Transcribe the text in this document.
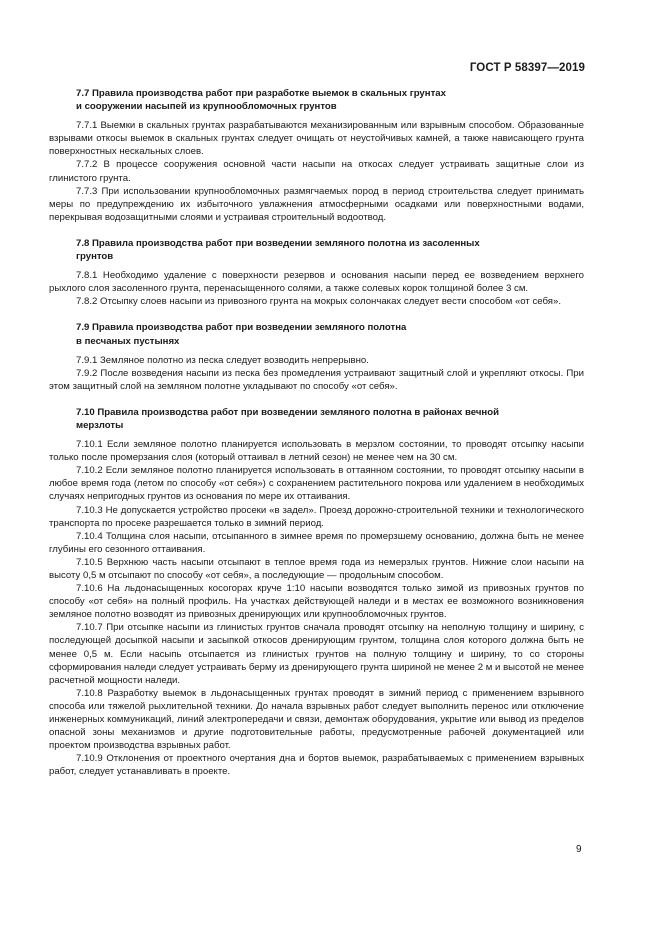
ГОСТ Р 58397—2019
7.7 Правила производства работ при разработке выемок в скальных грунтах
и сооружении насыпей из крупнообломочных грунтов

7.7.1 Выемки в скальных грунтах разрабатываются механизированным или взрывным способом. Образованные взрывами откосы выемок в скальных грунтах следует очищать от неустойчивых камней, а также нависающего грунта поверхностных нескальных слоев.

7.7.2 В процессе сооружения основной части насыпи на откосах следует устраивать защитные слои из глинистого грунта.

7.7.3 При использовании крупнообломочных размягчаемых пород в период строительства следует принимать меры по предупреждению их избыточного увлажнения атмосферными осадками или поверхностными водами, перекрывая водозащитными слоями и устраивая строительный водоотвод.

7.8 Правила производства работ при возведении земляного полотна из засоленных
грунтов

7.8.1 Необходимо удаление с поверхности резервов и основания насыпи перед ее возведением верхнего рыхлого слоя засоленного грунта, перенасыщенного солями, а также солевых корок толщиной более 3 см.

7.8.2 Отсыпку слоев насыпи из привозного грунта на мокрых солончаках следует вести способом «от себя».

7.9 Правила производства работ при возведении земляного полотна
в песчаных пустынях

7.9.1 Земляное полотно из песка следует возводить непрерывно.

7.9.2 После возведения насыпи из песка без промедления устраивают защитный слой и укрепляют откосы. При этом защитный слой на земляном полотне укладывают по способу «от себя».

7.10 Правила производства работ при возведении земляного полотна в районах вечной
мерзлоты

7.10.1 Если земляное полотно планируется использовать в мерзлом состоянии, то проводят отсыпку насыпи только после промерзания слоя (который оттаивал в летний сезон) не менее чем на 30 см.

7.10.2 Если земляное полотно планируется использовать в оттаянном состоянии, то проводят отсыпку насыпи в любое время года (летом по способу «от себя») с сохранением растительного покрова или удалением в необходимых случаях непригодных грунтов из основания по мере их оттаивания.

7.10.3 Не допускается устройство просеки «в задел». Проезд дорожно-строительной техники и технологического транспорта по просеке разрешается только в зимний период.

7.10.4 Толщина слоя насыпи, отсыпанного в зимнее время по промерзшему основанию, должна быть не менее глубины его сезонного оттаивания.

7.10.5 Верхнюю часть насыпи отсыпают в теплое время года из немерзлых грунтов. Нижние слои насыпи на высоту 0,5 м отсыпают по способу «от себя», а последующие — продольным способом.

7.10.6 На льдонасыщенных косогорах круче 1:10 насыпи возводятся только зимой из привозных грунтов по способу «от себя» на полный профиль. На участках действующей наледи и в местах ее возможного возникновения земляное полотно возводят из привозных дренирующих или крупнообломочных грунтов.

7.10.7 При отсыпке насыпи из глинистых грунтов сначала проводят отсыпку на неполную толщину и ширину, с последующей досыпкой насыпи и засыпкой откосов дренирующим грунтом, толщина слоя которого должна быть не менее 0,5 м. Если насыпь отсыпается из глинистых грунтов на полную толщину и ширину, то со стороны сформирования наледи следует устраивать берму из дренирующего грунта шириной не менее 2 м и высотой не менее расчетной мощности наледи.

7.10.8 Разработку выемок в льдонасыщенных грунтах проводят в зимний период с применением взрывного способа или тяжелой рыхлительной техники. До начала взрывных работ следует выполнить перенос или отключение инженерных коммуникаций, линий электропередачи и связи, демонтаж оборудования, укрытие или вывод из пределов опасной зоны механизмов и другие подготовительные работы, предусмотренные рабочей документацией или проектом производства взрывных работ.

7.10.9 Отклонения от проектного очертания дна и бортов выемок, разрабатываемых с применением взрывных работ, следует устанавливать в проекте.

9
